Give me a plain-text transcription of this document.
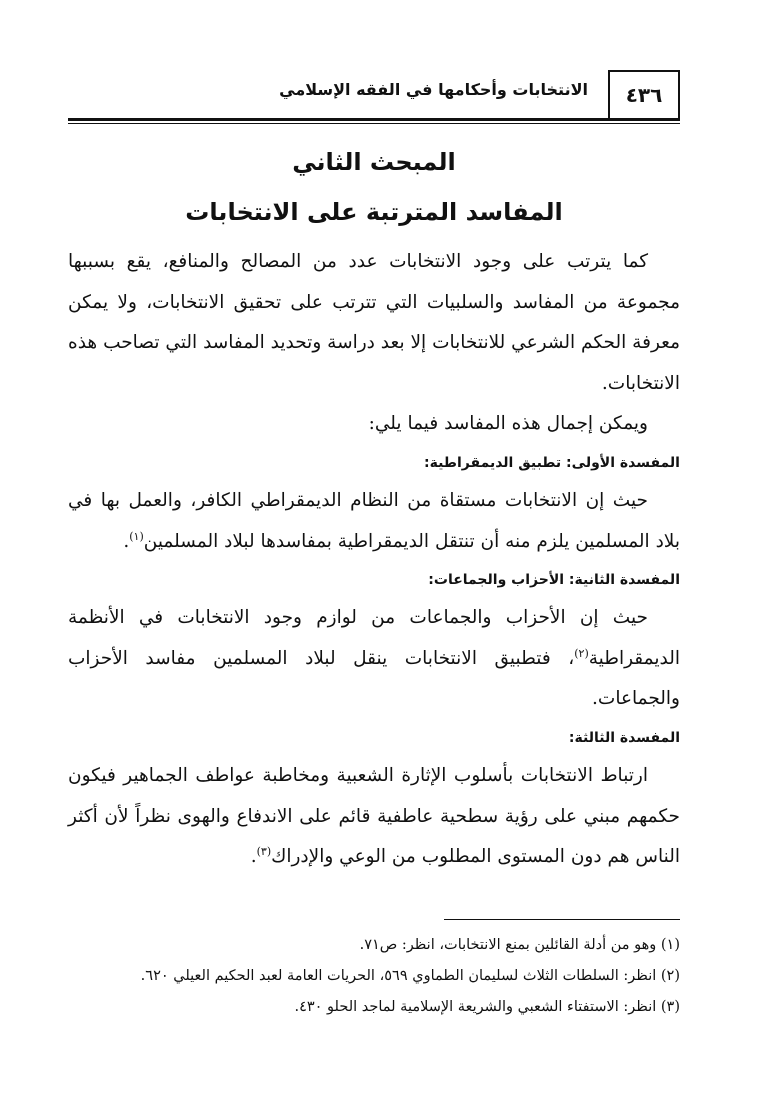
٤٣٦
الانتخابات وأحكامها في الفقه الإسلامي
المبحث الثاني
المفاسد المترتبة على الانتخابات

كما يترتب على وجود الانتخابات عدد من المصالح والمنافع، يقع بسببها مجموعة من المفاسد والسلبيات التي تترتب على تحقيق الانتخابات، ولا يمكن معرفة الحكم الشرعي للانتخابات إلا بعد دراسة وتحديد المفاسد التي تصاحب هذه الانتخابات.

ويمكن إجمال هذه المفاسد فيما يلي:

المفسدة الأولى: تطبيق الديمقراطية:

حيث إن الانتخابات مستقاة من النظام الديمقراطي الكافر، والعمل بها في بلاد المسلمين يلزم منه أن تنتقل الديمقراطية بمفاسدها لبلاد المسلمين$^{(١)}$.

المفسدة الثانية: الأحزاب والجماعات:

حيث إن الأحزاب والجماعات من لوازم وجود الانتخابات في الأنظمة الديمقراطية$^{(٢)}$، فتطبيق الانتخابات ينقل لبلاد المسلمين مفاسد الأحزاب والجماعات.

المفسدة الثالثة:

ارتباط الانتخابات بأسلوب الإثارة الشعبية ومخاطبة عواطف الجماهير فيكون حكمهم مبني على رؤية سطحية عاطفية قائم على الاندفاع والهوى نظراً لأن أكثر الناس هم دون المستوى المطلوب من الوعي والإدراك$^{(٣)}$.

(١) وهو من أدلة القائلين بمنع الانتخابات، انظر: ص٧١.
(٢) انظر: السلطات الثلاث لسليمان الطماوي ٥٦٩، الحريات العامة لعبد الحكيم العيلي ٦٢٠.
(٣) انظر: الاستفتاء الشعبي والشريعة الإسلامية لماجد الحلو ٤٣٠.
